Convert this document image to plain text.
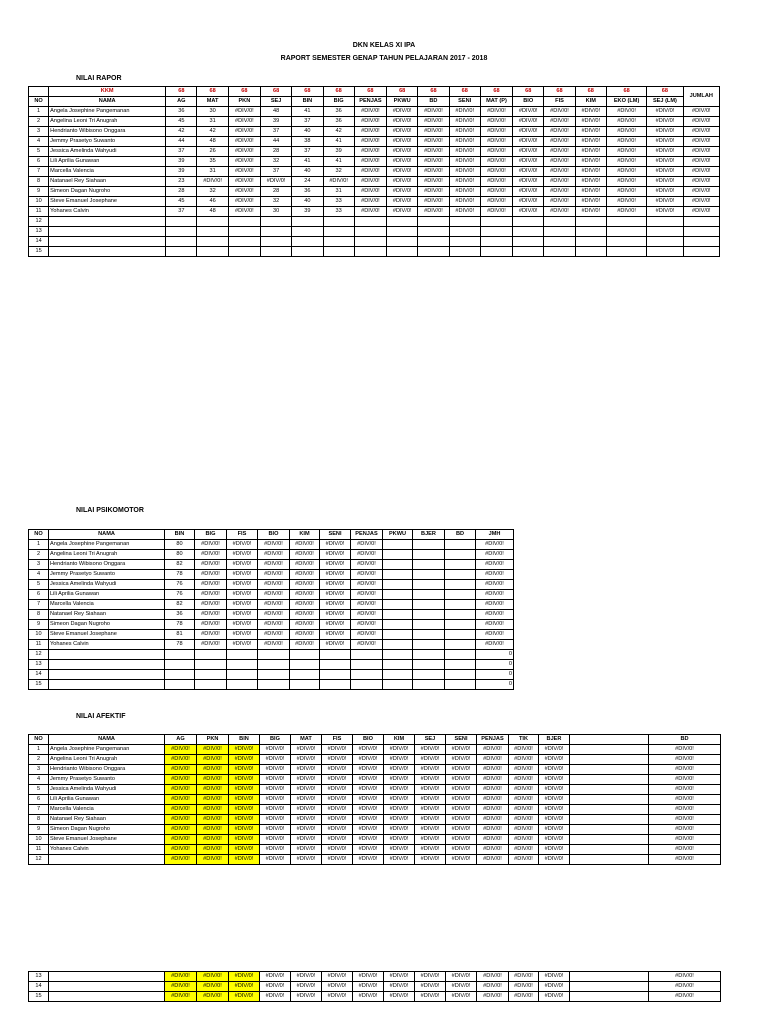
DKN KELAS XI IPA
RAPORT SEMESTER GENAP TAHUN PELAJARAN 2017 - 2018
NILAI RAPOR
	KKM	68	68	68	68	68	68	68	68	68	68	68	68	68	68	68	68	JUMLAH
NO	NAMA	AG	MAT	PKN	SEJ	BIN	BIG	PENJAS	PKWU	BD	SENI	MAT (P)	BIO	FIS	KIM	EKO (LM)	SEJ (LM)	
1	Angela Josephine Pangemanan	36	30	#DIV/0!	48	41	36	#DIV/0!	#DIV/0!	#DIV/0!	#DIV/0!	#DIV/0!	#DIV/0!	#DIV/0!	#DIV/0!	#DIV/0!	#DIV/0!	#DIV/0!
2	Angelina Leoni Tri Anugrah	45	31	#DIV/0!	39	37	36	#DIV/0!	#DIV/0!	#DIV/0!	#DIV/0!	#DIV/0!	#DIV/0!	#DIV/0!	#DIV/0!	#DIV/0!	#DIV/0!	#DIV/0!
3	Hendrianto Wibisono Onggara	42	42	#DIV/0!	37	40	42	#DIV/0!	#DIV/0!	#DIV/0!	#DIV/0!	#DIV/0!	#DIV/0!	#DIV/0!	#DIV/0!	#DIV/0!	#DIV/0!	#DIV/0!
4	Jemmy Prasetyo Suwanto	44	48	#DIV/0!	44	38	41	#DIV/0!	#DIV/0!	#DIV/0!	#DIV/0!	#DIV/0!	#DIV/0!	#DIV/0!	#DIV/0!	#DIV/0!	#DIV/0!	#DIV/0!
5	Jessica Amelinda Wahyudi	37	26	#DIV/0!	28	37	39	#DIV/0!	#DIV/0!	#DIV/0!	#DIV/0!	#DIV/0!	#DIV/0!	#DIV/0!	#DIV/0!	#DIV/0!	#DIV/0!	#DIV/0!
6	Lili Aprilia Gunawan	39	35	#DIV/0!	32	41	41	#DIV/0!	#DIV/0!	#DIV/0!	#DIV/0!	#DIV/0!	#DIV/0!	#DIV/0!	#DIV/0!	#DIV/0!	#DIV/0!	#DIV/0!
7	Marcella Valencia	39	31	#DIV/0!	37	40	32	#DIV/0!	#DIV/0!	#DIV/0!	#DIV/0!	#DIV/0!	#DIV/0!	#DIV/0!	#DIV/0!	#DIV/0!	#DIV/0!	#DIV/0!
8	Natanael Rey Siahaan	23	#DIV/0!	#DIV/0!	#DIV/0!	24	#DIV/0!	#DIV/0!	#DIV/0!	#DIV/0!	#DIV/0!	#DIV/0!	#DIV/0!	#DIV/0!	#DIV/0!	#DIV/0!	#DIV/0!	#DIV/0!
9	Simeon Dagan Nugroho	28	32	#DIV/0!	28	36	31	#DIV/0!	#DIV/0!	#DIV/0!	#DIV/0!	#DIV/0!	#DIV/0!	#DIV/0!	#DIV/0!	#DIV/0!	#DIV/0!	#DIV/0!
10	Steve Emanuel Josephane	45	46	#DIV/0!	32	40	33	#DIV/0!	#DIV/0!	#DIV/0!	#DIV/0!	#DIV/0!	#DIV/0!	#DIV/0!	#DIV/0!	#DIV/0!	#DIV/0!	#DIV/0!
11	Yohanes Calvin	37	48	#DIV/0!	30	39	33	#DIV/0!	#DIV/0!	#DIV/0!	#DIV/0!	#DIV/0!	#DIV/0!	#DIV/0!	#DIV/0!	#DIV/0!	#DIV/0!	#DIV/0!
12																		
13																		
14																		
15																		
NILAI PSIKOMOTOR
NO	NAMA	BIN	BIG	FIS	BIO	KIM	SENI	PENJAS	PKWU	BJER	BD	JMH
1	Angela Josephine Pangemanan	80	#DIV/0!	#DIV/0!	#DIV/0!	#DIV/0!	#DIV/0!	#DIV/0!				#DIV/0!
2	Angelina Leoni Tri Anugrah	80	#DIV/0!	#DIV/0!	#DIV/0!	#DIV/0!	#DIV/0!	#DIV/0!				#DIV/0!
3	Hendrianto Wibisono Onggara	82	#DIV/0!	#DIV/0!	#DIV/0!	#DIV/0!	#DIV/0!	#DIV/0!				#DIV/0!
4	Jemmy Prasetyo Suwanto	78	#DIV/0!	#DIV/0!	#DIV/0!	#DIV/0!	#DIV/0!	#DIV/0!				#DIV/0!
5	Jessica Amelinda Wahyudi	76	#DIV/0!	#DIV/0!	#DIV/0!	#DIV/0!	#DIV/0!	#DIV/0!				#DIV/0!
6	Lili Aprilia Gunawan	76	#DIV/0!	#DIV/0!	#DIV/0!	#DIV/0!	#DIV/0!	#DIV/0!				#DIV/0!
7	Marcella Valencia	82	#DIV/0!	#DIV/0!	#DIV/0!	#DIV/0!	#DIV/0!	#DIV/0!				#DIV/0!
8	Natanael Rey Siahaan	36	#DIV/0!	#DIV/0!	#DIV/0!	#DIV/0!	#DIV/0!	#DIV/0!				#DIV/0!
9	Simeon Dagan Nugroho	78	#DIV/0!	#DIV/0!	#DIV/0!	#DIV/0!	#DIV/0!	#DIV/0!				#DIV/0!
10	Steve Emanuel Josephane	81	#DIV/0!	#DIV/0!	#DIV/0!	#DIV/0!	#DIV/0!	#DIV/0!				#DIV/0!
11	Yohanes Calvin	78	#DIV/0!	#DIV/0!	#DIV/0!	#DIV/0!	#DIV/0!	#DIV/0!				#DIV/0!
12												0
13												0
14												0
15												0
NILAI AFEKTIF
NO	NAMA	AG	PKN	BIN	BIG	MAT	FIS	BIO	KIM	SEJ	SENI	PENJAS	TIK	BJER		BD
1	Angela Josephine Pangemanan	#DIV/0!	#DIV/0!	#DIV/0!	#DIV/0!	#DIV/0!	#DIV/0!	#DIV/0!	#DIV/0!	#DIV/0!	#DIV/0!	#DIV/0!	#DIV/0!	#DIV/0!		#DIV/0!
2	Angelina Leoni Tri Anugrah	#DIV/0!	#DIV/0!	#DIV/0!	#DIV/0!	#DIV/0!	#DIV/0!	#DIV/0!	#DIV/0!	#DIV/0!	#DIV/0!	#DIV/0!	#DIV/0!	#DIV/0!		#DIV/0!
3	Hendrianto Wibisono Onggara	#DIV/0!	#DIV/0!	#DIV/0!	#DIV/0!	#DIV/0!	#DIV/0!	#DIV/0!	#DIV/0!	#DIV/0!	#DIV/0!	#DIV/0!	#DIV/0!	#DIV/0!		#DIV/0!
4	Jemmy Prasetyo Suwanto	#DIV/0!	#DIV/0!	#DIV/0!	#DIV/0!	#DIV/0!	#DIV/0!	#DIV/0!	#DIV/0!	#DIV/0!	#DIV/0!	#DIV/0!	#DIV/0!	#DIV/0!		#DIV/0!
5	Jessica Amelinda Wahyudi	#DIV/0!	#DIV/0!	#DIV/0!	#DIV/0!	#DIV/0!	#DIV/0!	#DIV/0!	#DIV/0!	#DIV/0!	#DIV/0!	#DIV/0!	#DIV/0!	#DIV/0!		#DIV/0!
6	Lili Aprilia Gunawan	#DIV/0!	#DIV/0!	#DIV/0!	#DIV/0!	#DIV/0!	#DIV/0!	#DIV/0!	#DIV/0!	#DIV/0!	#DIV/0!	#DIV/0!	#DIV/0!	#DIV/0!		#DIV/0!
7	Marcella Valencia	#DIV/0!	#DIV/0!	#DIV/0!	#DIV/0!	#DIV/0!	#DIV/0!	#DIV/0!	#DIV/0!	#DIV/0!	#DIV/0!	#DIV/0!	#DIV/0!	#DIV/0!		#DIV/0!
8	Natanael Rey Siahaan	#DIV/0!	#DIV/0!	#DIV/0!	#DIV/0!	#DIV/0!	#DIV/0!	#DIV/0!	#DIV/0!	#DIV/0!	#DIV/0!	#DIV/0!	#DIV/0!	#DIV/0!		#DIV/0!
9	Simeon Dagan Nugroho	#DIV/0!	#DIV/0!	#DIV/0!	#DIV/0!	#DIV/0!	#DIV/0!	#DIV/0!	#DIV/0!	#DIV/0!	#DIV/0!	#DIV/0!	#DIV/0!	#DIV/0!		#DIV/0!
10	Steve Emanuel Josephane	#DIV/0!	#DIV/0!	#DIV/0!	#DIV/0!	#DIV/0!	#DIV/0!	#DIV/0!	#DIV/0!	#DIV/0!	#DIV/0!	#DIV/0!	#DIV/0!	#DIV/0!		#DIV/0!
11	Yohanes Calvin	#DIV/0!	#DIV/0!	#DIV/0!	#DIV/0!	#DIV/0!	#DIV/0!	#DIV/0!	#DIV/0!	#DIV/0!	#DIV/0!	#DIV/0!	#DIV/0!	#DIV/0!		#DIV/0!
12		#DIV/0!	#DIV/0!	#DIV/0!	#DIV/0!	#DIV/0!	#DIV/0!	#DIV/0!	#DIV/0!	#DIV/0!	#DIV/0!	#DIV/0!	#DIV/0!	#DIV/0!		#DIV/0!
13		#DIV/0!	#DIV/0!	#DIV/0!	#DIV/0!	#DIV/0!	#DIV/0!	#DIV/0!	#DIV/0!	#DIV/0!	#DIV/0!	#DIV/0!	#DIV/0!	#DIV/0!		#DIV/0!
14		#DIV/0!	#DIV/0!	#DIV/0!	#DIV/0!	#DIV/0!	#DIV/0!	#DIV/0!	#DIV/0!	#DIV/0!	#DIV/0!	#DIV/0!	#DIV/0!	#DIV/0!		#DIV/0!
15		#DIV/0!	#DIV/0!	#DIV/0!	#DIV/0!	#DIV/0!	#DIV/0!	#DIV/0!	#DIV/0!	#DIV/0!	#DIV/0!	#DIV/0!	#DIV/0!	#DIV/0!		#DIV/0!
